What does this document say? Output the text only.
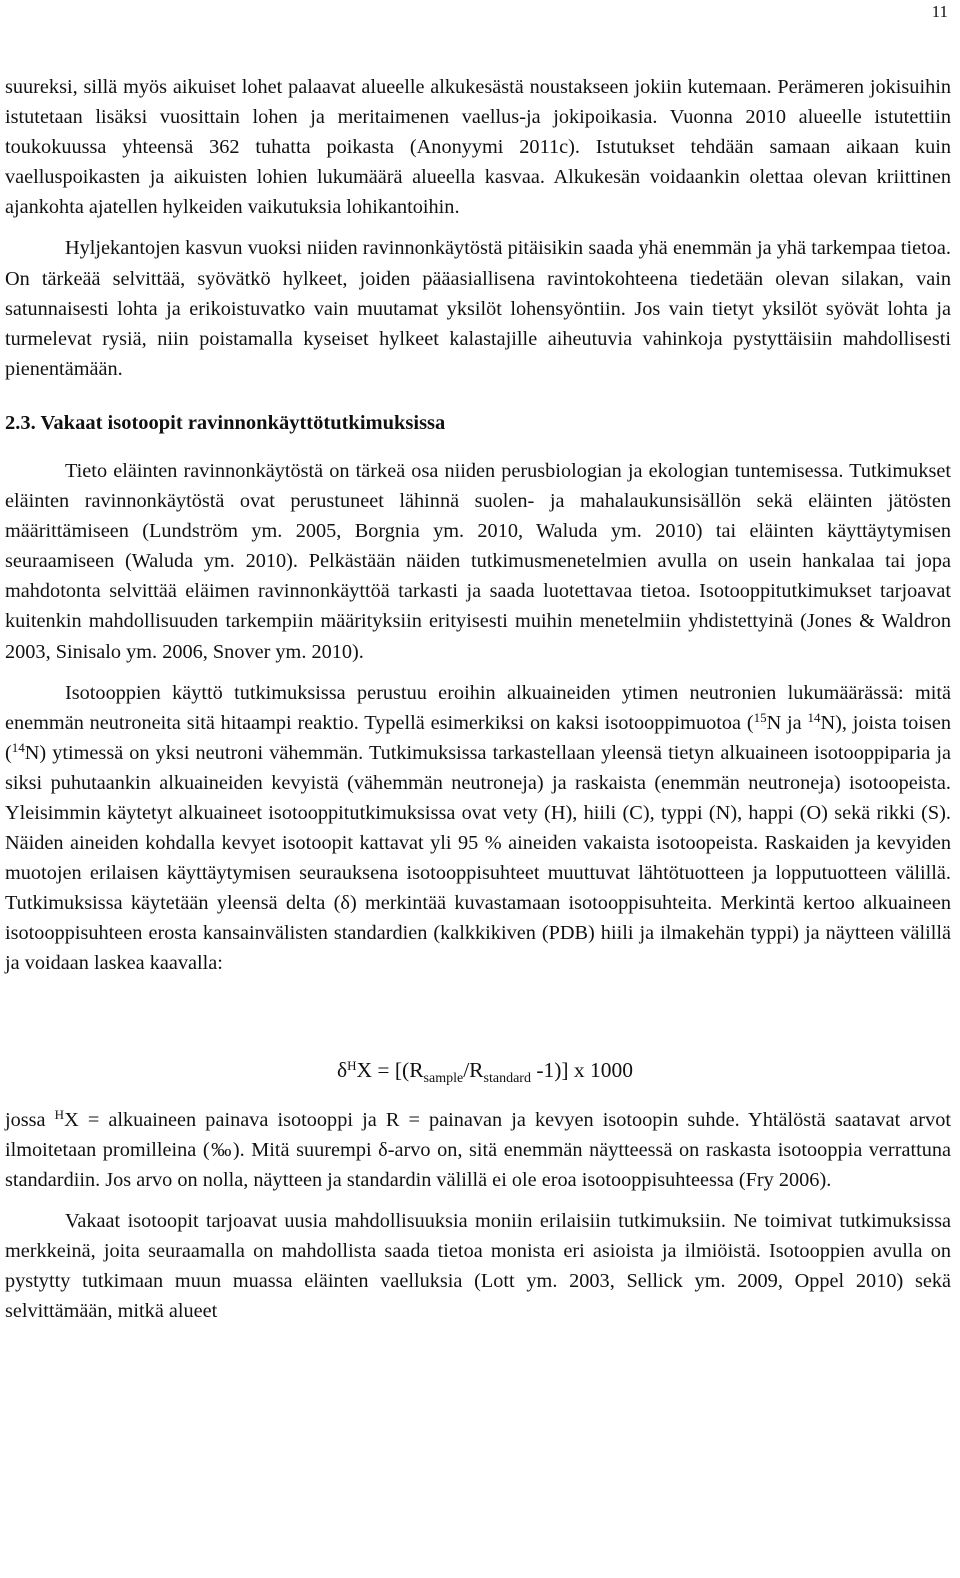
11

suureksi, sillä myös aikuiset lohet palaavat alueelle alkukesästä noustakseen jokiin kutemaan. Perämeren jokisuihin istutetaan lisäksi vuosittain lohen ja meritaimenen vaellus-ja jokipoikasia. Vuonna 2010 alueelle istutettiin toukokuussa yhteensä 362 tuhatta poikasta (Anonyymi 2011c). Istutukset tehdään samaan aikaan kuin vaelluspoikasten ja aikuisten lohien lukumäärä alueella kasvaa. Alkukesän voidaankin olettaa olevan kriittinen ajankohta ajatellen hylkeiden vaikutuksia lohikantoihin.

Hyljekantojen kasvun vuoksi niiden ravinnonkäytöstä pitäisikin saada yhä enemmän ja yhä tarkempaa tietoa. On tärkeää selvittää, syövätkö hylkeet, joiden pääasiallisena ravintokohteena tiedetään olevan silakan, vain satunnaisesti lohta ja erikoistuvatko vain muutamat yksilöt lohensyöntiin. Jos vain tietyt yksilöt syövät lohta ja turmelevat rysiä, niin poistamalla kyseiset hylkeet kalastajille aiheutuvia vahinkoja pystyttäisiin mahdollisesti pienentämään.

2.3. Vakaat isotoopit ravinnonkäyttötutkimuksissa

Tieto eläinten ravinnonkäytöstä on tärkeä osa niiden perusbiologian ja ekologian tuntemisessa. Tutkimukset eläinten ravinnonkäytöstä ovat perustuneet lähinnä suolen- ja mahalaukunsisällön sekä eläinten jätösten määrittämiseen (Lundström ym. 2005, Borgnia ym. 2010, Waluda ym. 2010) tai eläinten käyttäytymisen seuraamiseen (Waluda ym. 2010). Pelkästään näiden tutkimusmenetelmien avulla on usein hankalaa tai jopa mahdotonta selvittää eläimen ravinnonkäyttöä tarkasti ja saada luotettavaa tietoa. Isotooppitutkimukset tarjoavat kuitenkin mahdollisuuden tarkempiin määrityksiin erityisesti muihin menetelmiin yhdistettyinä (Jones & Waldron 2003, Sinisalo ym. 2006, Snover ym. 2010).

Isotooppien käyttö tutkimuksissa perustuu eroihin alkuaineiden ytimen neutronien lukumäärässä: mitä enemmän neutroneita sitä hitaampi reaktio. Typellä esimerkiksi on kaksi isotooppimuotoa ($^{15}$N ja $^{14}$N), joista toisen ($^{14}$N) ytimessä on yksi neutroni vähemmän. Tutkimuksissa tarkastellaan yleensä tietyn alkuaineen isotooppiparia ja siksi puhutaankin alkuaineiden kevyistä (vähemmän neutroneja) ja raskaista (enemmän neutroneja) isotoopeista. Yleisimmin käytetyt alkuaineet isotooppitutkimuksissa ovat vety (H), hiili (C), typpi (N), happi (O) sekä rikki (S). Näiden aineiden kohdalla kevyet isotoopit kattavat yli 95 % aineiden vakaista isotoopeista. Raskaiden ja kevyiden muotojen erilaisen käyttäytymisen seurauksena isotooppisuhteet muuttuvat lähtötuotteen ja lopputuotteen välillä. Tutkimuksissa käytetään yleensä delta (δ) merkintää kuvastamaan isotooppisuhteita. Merkintä kertoo alkuaineen isotooppisuhteen erosta kansainvälisten standardien (kalkkikiven (PDB) hiili ja ilmakehän typpi) ja näytteen välillä ja voidaan laskea kaavalla:

$\delta^HX = [(R_{sample}/R_{standard}$ -1)] x 1000

jossa $^H$X = alkuaineen painava isotooppi ja R = painavan ja kevyen isotoopin suhde. Yhtälöstä saatavat arvot ilmoitetaan promilleina (‰). Mitä suurempi δ-arvo on, sitä enemmän näytteessä on raskasta isotooppia verrattuna standardiin. Jos arvo on nolla, näytteen ja standardin välillä ei ole eroa isotooppisuhteessa (Fry 2006).

Vakaat isotoopit tarjoavat uusia mahdollisuuksia moniin erilaisiin tutkimuksiin. Ne toimivat tutkimuksissa merkkeinä, joita seuraamalla on mahdollista saada tietoa monista eri asioista ja ilmiöistä. Isotooppien avulla on pystytty tutkimaan muun muassa eläinten vaelluksia (Lott ym. 2003, Sellick ym. 2009, Oppel 2010) sekä selvittämään, mitkä alueet
